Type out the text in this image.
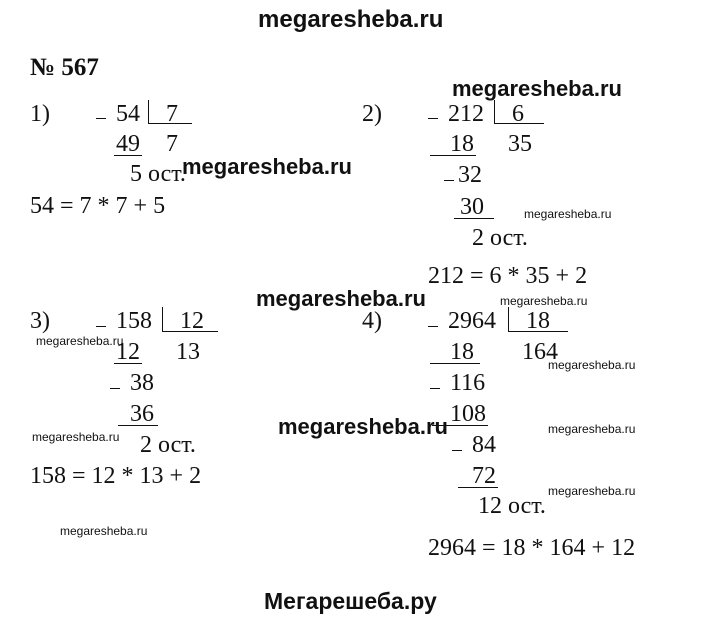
megaresheba.ru
№ 567
1)	54 7
49 7
5 ост.
54 = 7 * 7 + 5
2)	212 6
18 35
32
30
2 ост.
212 = 6 * 35 + 2
3)	158 12
12 13
38
36
2 ост.
158 = 12 * 13 + 2
4)	2964 18
18 164
116
108
84
72
12 ост.
2964 = 18 * 164 + 12
megaresheba.ru
megaresheba.ru
megaresheba.ru
megaresheba.ru
megaresheba.ru
megaresheba.ru
megaresheba.ru
megaresheba.ru
megaresheba.ru
megaresheba.ru
megaresheba.ru
megaresheba.ru
Мегарешеба.ру
